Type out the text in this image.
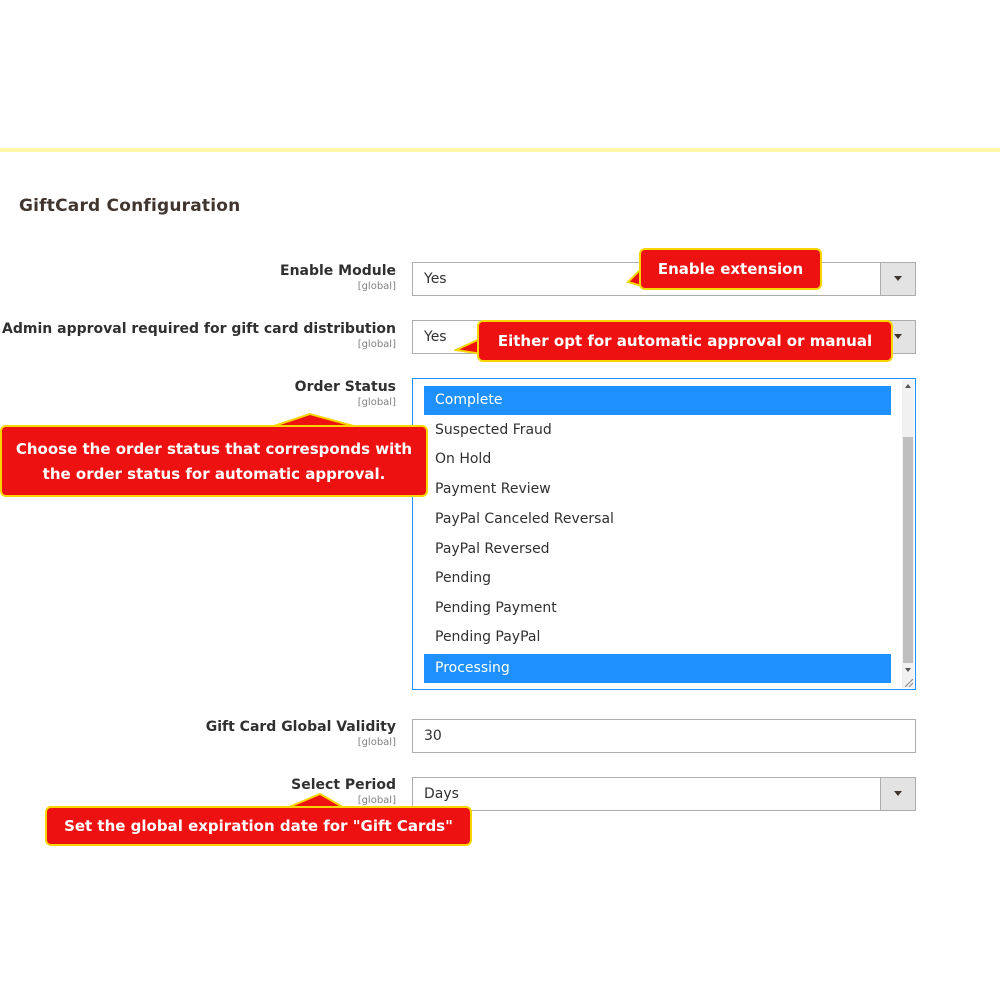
GiftCard Configuration
Enable Module
[global] Yes
Admin approval required for gift card distribution
[global] Yes
Order Status
[global]	Complete
Suspected Fraud
On Hold
Payment Review
PayPal Canceled Reversal
PayPal Reversed
Pending
Pending Payment
Pending PayPal
Processing
Gift Card Global Validity
[global] 30
Select Period
[global] Days
Enable extension
Either opt for automatic approval or manual
Choose the order status that corresponds with
the order status for automatic approval.
Set the global expiration date for "Gift Cards"
